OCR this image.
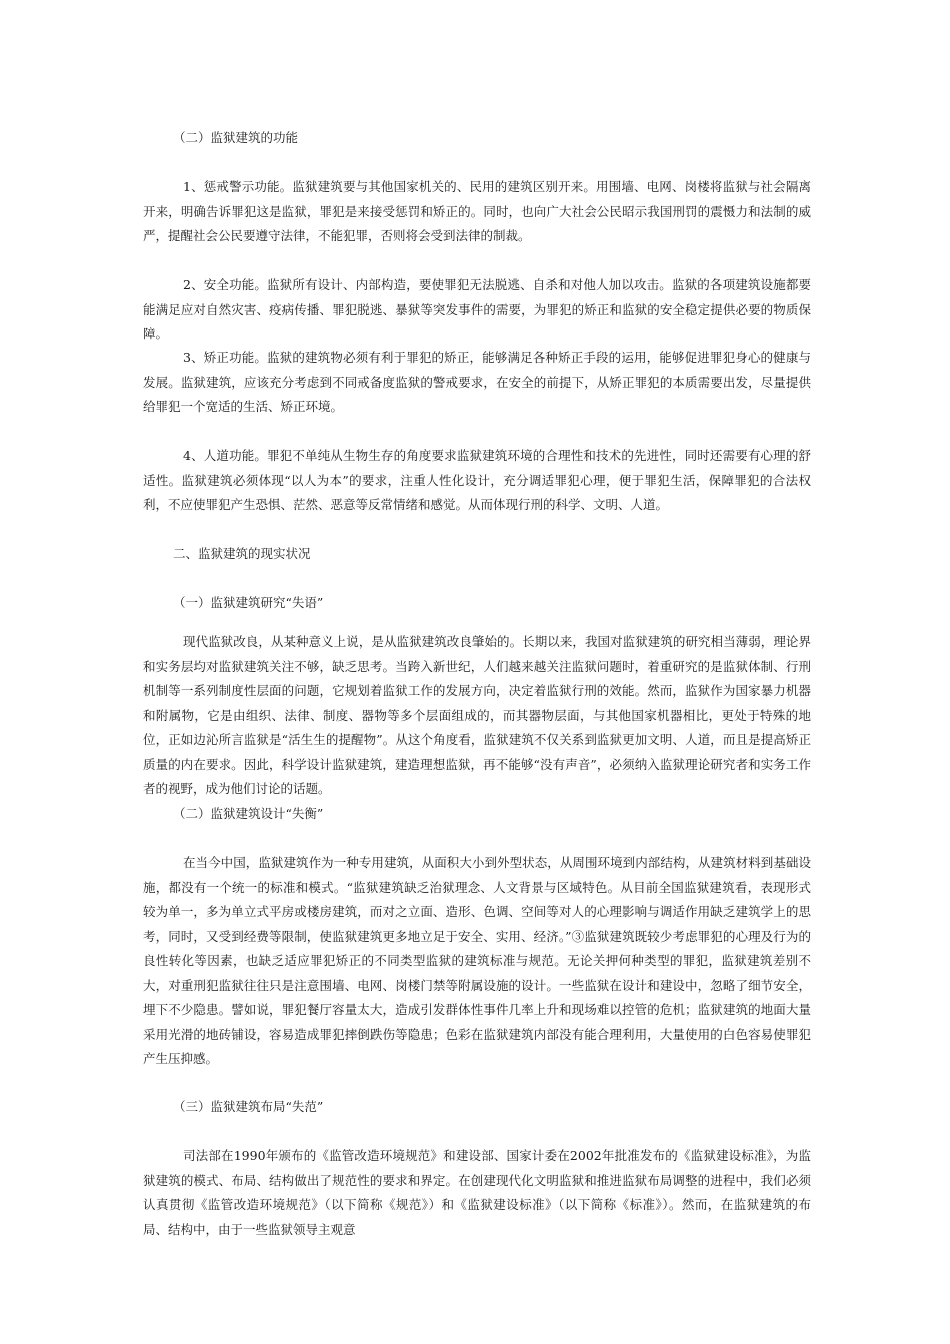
（二）监狱建筑的功能
1、惩戒警示功能。监狱建筑要与其他国家机关的、民用的建筑区别开来。用围墙、电网、岗楼将监狱与社会隔离开来，明确告诉罪犯这是监狱，罪犯是来接受惩罚和矫正的。同时，也向广大社会公民昭示我国刑罚的震慑力和法制的威严，提醒社会公民要遵守法律，不能犯罪，否则将会受到法律的制裁。
2、安全功能。监狱所有设计、内部构造，要使罪犯无法脱逃、自杀和对他人加以攻击。监狱的各项建筑设施都要能满足应对自然灾害、疫病传播、罪犯脱逃、暴狱等突发事件的需要，为罪犯的矫正和监狱的安全稳定提供必要的物质保障。
3、矫正功能。监狱的建筑物必须有利于罪犯的矫正，能够满足各种矫正手段的运用，能够促进罪犯身心的健康与发展。监狱建筑，应该充分考虑到不同戒备度监狱的警戒要求，在安全的前提下，从矫正罪犯的本质需要出发，尽量提供给罪犯一个宽适的生活、矫正环境。
4、人道功能。罪犯不单纯从生物生存的角度要求监狱建筑环境的合理性和技术的先进性，同时还需要有心理的舒适性。监狱建筑必须体现“以人为本”的要求，注重人性化设计，充分调适罪犯心理，便于罪犯生活，保障罪犯的合法权利，不应使罪犯产生恐惧、茫然、恶意等反常情绪和感觉。从而体现行刑的科学、文明、人道。
二、监狱建筑的现实状况
（一）监狱建筑研究“失语”
现代监狱改良，从某种意义上说，是从监狱建筑改良肇始的。长期以来，我国对监狱建筑的研究相当薄弱，理论界和实务层均对监狱建筑关注不够，缺乏思考。当跨入新世纪，人们越来越关注监狱问题时，着重研究的是监狱体制、行刑机制等一系列制度性层面的问题，它规划着监狱工作的发展方向，决定着监狱行刑的效能。然而，监狱作为国家暴力机器和附属物，它是由组织、法律、制度、器物等多个层面组成的，而其器物层面，与其他国家机器相比，更处于特殊的地位，正如边沁所言监狱是“活生生的提醒物”。从这个角度看，监狱建筑不仅关系到监狱更加文明、人道，而且是提高矫正质量的内在要求。因此，科学设计监狱建筑，建造理想监狱，再不能够“没有声音”，必须纳入监狱理论研究者和实务工作者的视野，成为他们讨论的话题。
（二）监狱建筑设计“失衡”
在当今中国，监狱建筑作为一种专用建筑，从面积大小到外型状态，从周围环境到内部结构，从建筑材料到基础设施，都没有一个统一的标准和模式。“监狱建筑缺乏治狱理念、人文背景与区域特色。从目前全国监狱建筑看，表现形式较为单一，多为单立式平房或楼房建筑，而对之立面、造形、色调、空间等对人的心理影响与调适作用缺乏建筑学上的思考，同时，又受到经费等限制，使监狱建筑更多地立足于安全、实用、经济。”③监狱建筑既较少考虑罪犯的心理及行为的良性转化等因素，也缺乏适应罪犯矫正的不同类型监狱的建筑标准与规范。无论关押何种类型的罪犯，监狱建筑差别不大，对重刑犯监狱往往只是注意围墙、电网、岗楼门禁等附属设施的设计。一些监狱在设计和建设中，忽略了细节安全，埋下不少隐患。譬如说，罪犯餐厅容量太大，造成引发群体性事件几率上升和现场难以控管的危机；监狱建筑的地面大量采用光滑的地砖铺设，容易造成罪犯摔倒跌伤等隐患；色彩在监狱建筑内部没有能合理利用，大量使用的白色容易使罪犯产生压抑感。
（三）监狱建筑布局“失范”
司法部在1990年颁布的《监管改造环境规范》和建设部、国家计委在2002年批准发布的《监狱建设标准》，为监狱建筑的模式、布局、结构做出了规范性的要求和界定。在创建现代化文明监狱和推进监狱布局调整的进程中，我们必须认真贯彻《监管改造环境规范》（以下简称《规范》）和《监狱建设标准》（以下简称《标准》）。然而，在监狱建筑的布局、结构中，由于一些监狱领导主观意
